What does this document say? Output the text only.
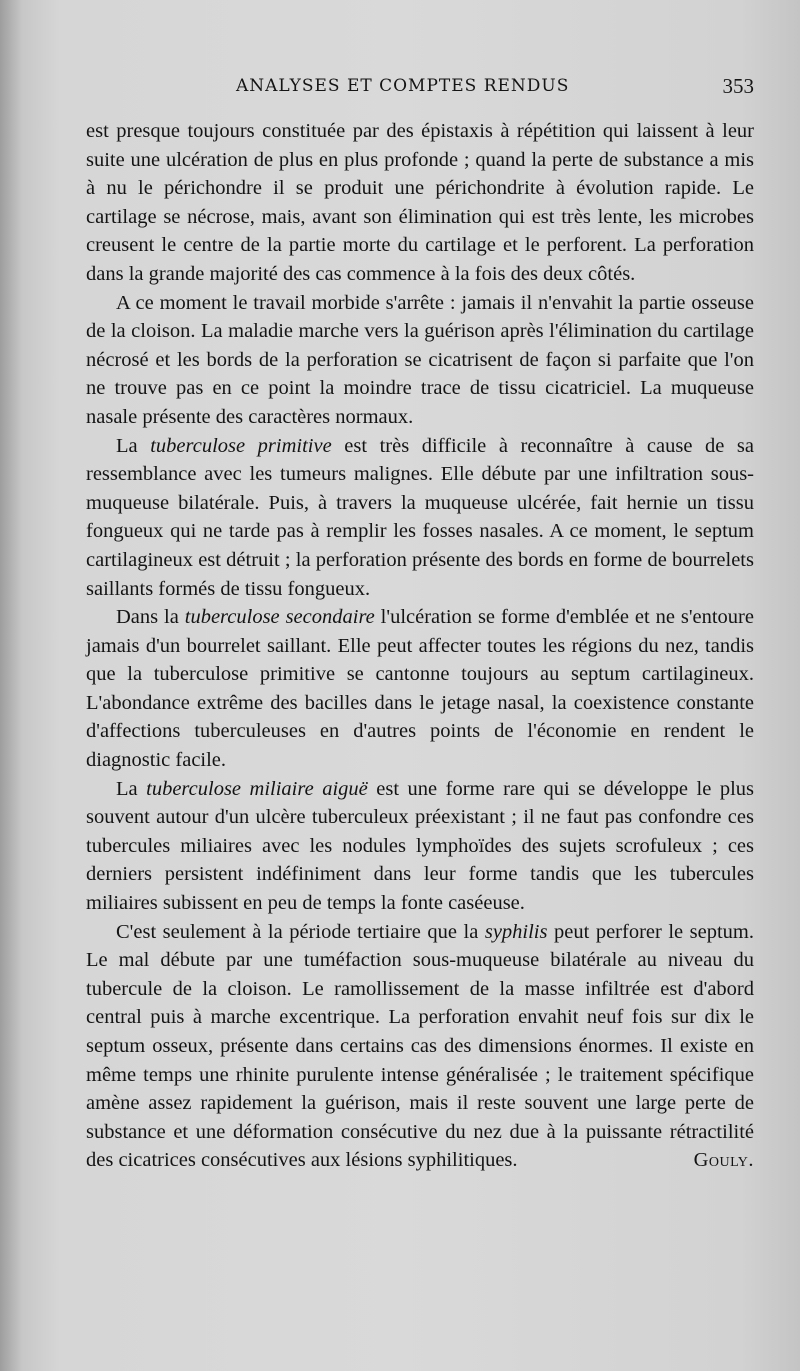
ANALYSES ET COMPTES RENDUS	353

est presque toujours constituée par des épistaxis à répétition qui laissent à leur suite une ulcération de plus en plus profonde ; quand la perte de substance a mis à nu le périchondre il se produit une périchondrite à évolution rapide. Le cartilage se nécrose, mais, avant son élimination qui est très lente, les microbes creusent le centre de la partie morte du cartilage et le perforent. La perforation dans la grande majorité des cas commence à la fois des deux côtés.

A ce moment le travail morbide s'arrête : jamais il n'envahit la partie osseuse de la cloison. La maladie marche vers la guérison après l'élimination du cartilage nécrosé et les bords de la perforation se cicatrisent de façon si parfaite que l'on ne trouve pas en ce point la moindre trace de tissu cicatriciel. La muqueuse nasale présente des caractères normaux.

La tuberculose primitive est très difficile à reconnaître à cause de sa ressemblance avec les tumeurs malignes. Elle débute par une infiltration sous-muqueuse bilatérale. Puis, à travers la muqueuse ulcérée, fait hernie un tissu fongueux qui ne tarde pas à remplir les fosses nasales. A ce moment, le septum cartilagineux est détruit ; la perforation présente des bords en forme de bourrelets saillants formés de tissu fongueux.

Dans la tuberculose secondaire l'ulcération se forme d'emblée et ne s'entoure jamais d'un bourrelet saillant. Elle peut affecter toutes les régions du nez, tandis que la tuberculose primitive se cantonne toujours au septum cartilagineux. L'abondance extrême des bacilles dans le jetage nasal, la coexistence constante d'affections tuberculeuses en d'autres points de l'économie en rendent le diagnostic facile.

La tuberculose miliaire aiguë est une forme rare qui se développe le plus souvent autour d'un ulcère tuberculeux préexistant ; il ne faut pas confondre ces tubercules miliaires avec les nodules lymphoïdes des sujets scrofuleux ; ces derniers persistent indéfiniment dans leur forme tandis que les tubercules miliaires subissent en peu de temps la fonte caséeuse.

C'est seulement à la période tertiaire que la syphilis peut perforer le septum. Le mal débute par une tuméfaction sous-muqueuse bilatérale au niveau du tubercule de la cloison. Le ramollissement de la masse infiltrée est d'abord central puis à marche excentrique. La perforation envahit neuf fois sur dix le septum osseux, présente dans certains cas des dimensions énormes. Il existe en même temps une rhinite purulente intense généralisée ; le traitement spécifique amène assez rapidement la guérison, mais il reste souvent une large perte de substance et une déformation consécutive du nez due à la puissante rétractilité des cicatrices consécutives aux lésions syphilitiques.	Gouly.
